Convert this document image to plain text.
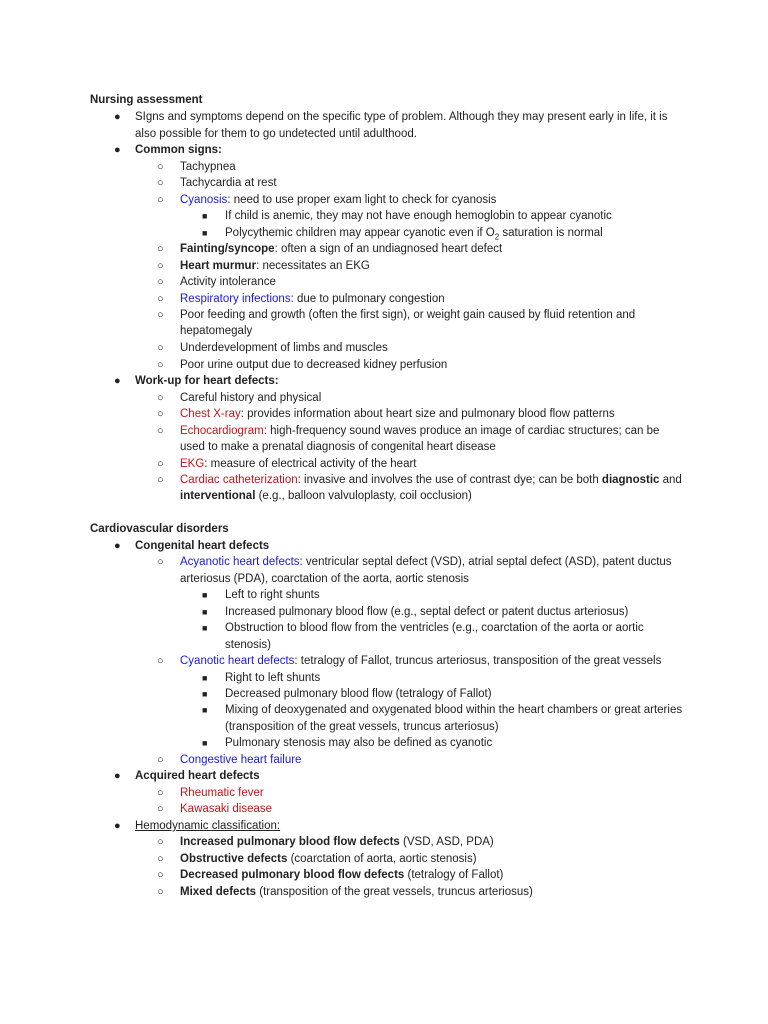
Nursing assessment
● SIgns and symptoms depend on the specific type of problem. Although they may present early in life, it is
also possible for them to go undetected until adulthood.
● Common signs:
○ Tachypnea
○ Tachycardia at rest
○ Cyanosis: need to use proper exam light to check for cyanosis
■ If child is anemic, they may not have enough hemoglobin to appear cyanotic
■ Polycythemic children may appear cyanotic even if $O_2$ saturation is normal
○ Fainting/syncope: often a sign of an undiagnosed heart defect
○ Heart murmur: necessitates an EKG
○ Activity intolerance
○ Respiratory infections: due to pulmonary congestion
○ Poor feeding and growth (often the first sign), or weight gain caused by fluid retention and
hepatomegaly
○ Underdevelopment of limbs and muscles
○ Poor urine output due to decreased kidney perfusion
● Work-up for heart defects:
○ Careful history and physical
○ Chest X-ray: provides information about heart size and pulmonary blood flow patterns
○ Echocardiogram: high-frequency sound waves produce an image of cardiac structures; can be
used to make a prenatal diagnosis of congenital heart disease
○ EKG: measure of electrical activity of the heart
○ Cardiac catheterization: invasive and involves the use of contrast dye; can be both diagnostic and
interventional (e.g., balloon valvuloplasty, coil occlusion)
Cardiovascular disorders
● Congenital heart defects
○ Acyanotic heart defects: ventricular septal defect (VSD), atrial septal defect (ASD), patent ductus
arteriosus (PDA), coarctation of the aorta, aortic stenosis
■ Left to right shunts
■ Increased pulmonary blood flow (e.g., septal defect or patent ductus arteriosus)
■ Obstruction to blood flow from the ventricles (e.g., coarctation of the aorta or aortic
stenosis)
○ Cyanotic heart defects: tetralogy of Fallot, truncus arteriosus, transposition of the great vessels
■ Right to left shunts
■ Decreased pulmonary blood flow (tetralogy of Fallot)
■ Mixing of deoxygenated and oxygenated blood within the heart chambers or great arteries
(transposition of the great vessels, truncus arteriosus)
■ Pulmonary stenosis may also be defined as cyanotic
○ Congestive heart failure
● Acquired heart defects
○ Rheumatic fever
○ Kawasaki disease
● Hemodynamic classification:
○ Increased pulmonary blood flow defects (VSD, ASD, PDA)
○ Obstructive defects (coarctation of aorta, aortic stenosis)
○ Decreased pulmonary blood flow defects (tetralogy of Fallot)
○ Mixed defects (transposition of the great vessels, truncus arteriosus)
